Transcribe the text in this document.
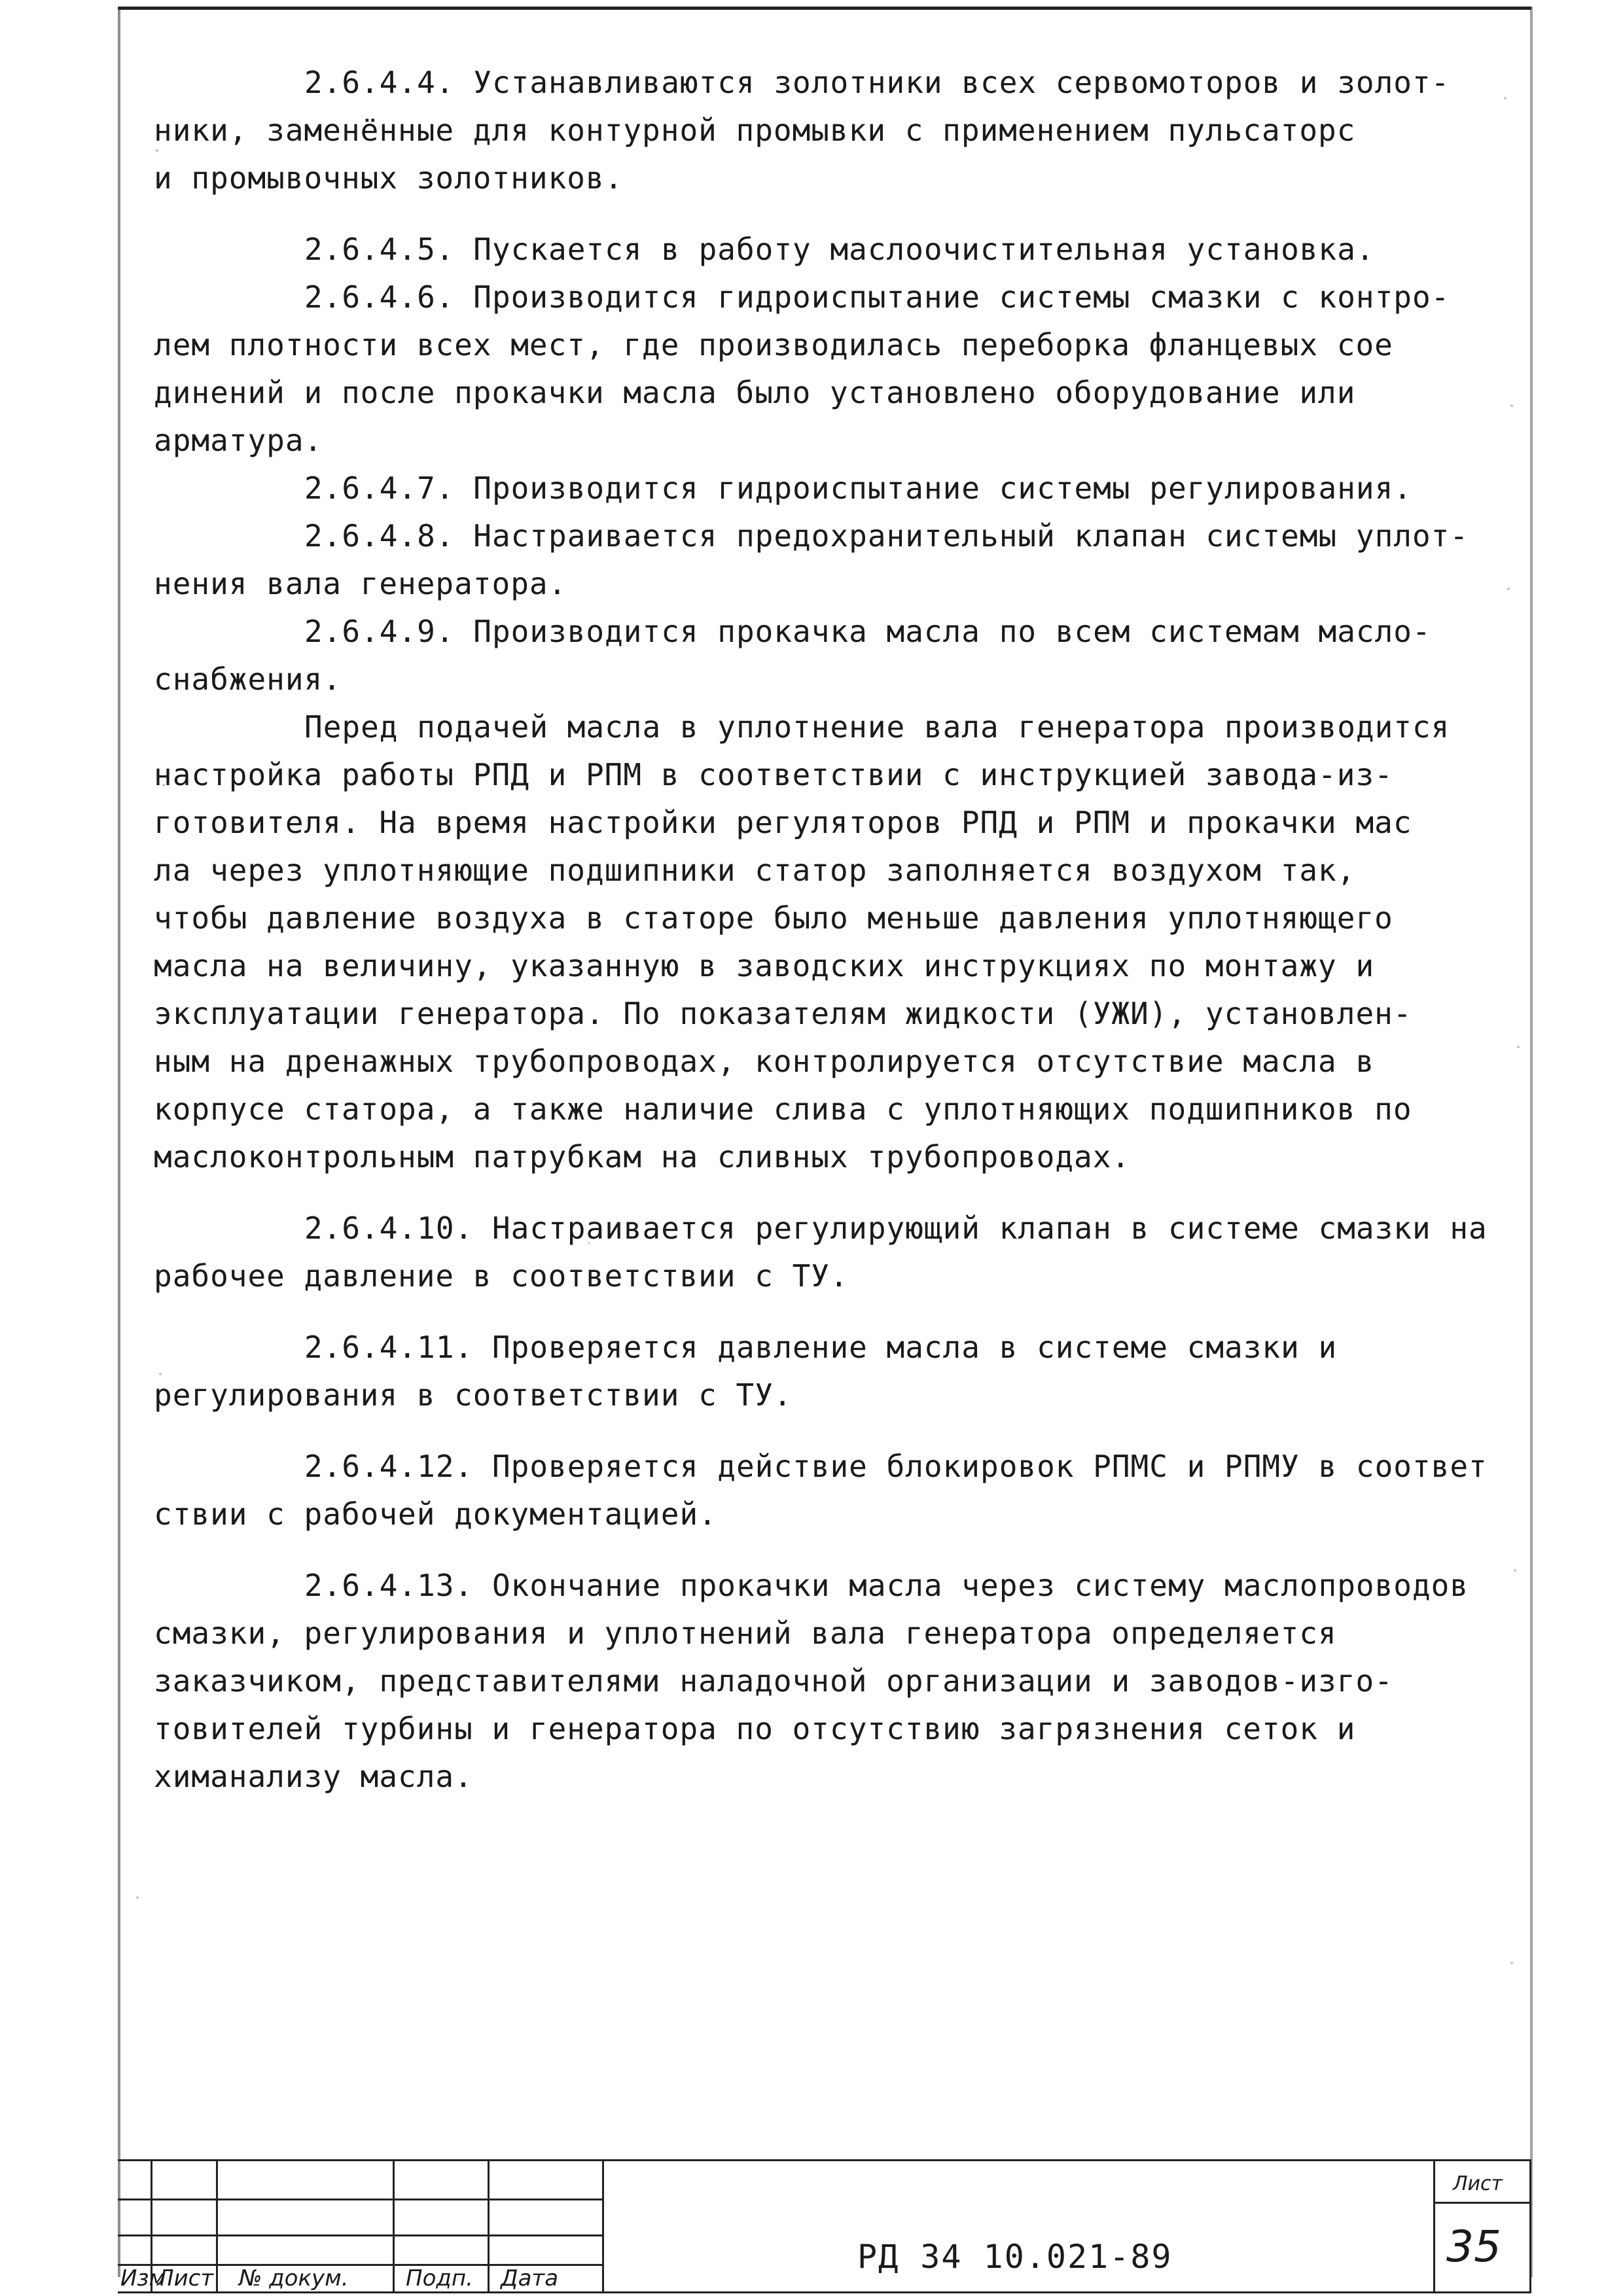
2.6.4.4. Устанавливаются золотники всех сервомоторов и золот-
ники, заменённые для контурной промывки с применением пульсаторс
и промывочных золотников.
2.6.4.5. Пускается в работу маслоочистительная установка.
2.6.4.6. Производится гидроиспытание системы смазки с контро-
лем плотности всех мест, где производилась переборка фланцевых сое
динений и после прокачки масла было установлено оборудование или
арматура.
2.6.4.7. Производится гидроиспытание системы регулирования.
2.6.4.8. Настраивается предохранительный клапан системы уплот-
нения вала генератора.
2.6.4.9. Производится прокачка масла по всем системам масло-
снабжения.
Перед подачей масла в уплотнение вала генератора производится
настройка работы РПД и РПМ в соответствии с инструкцией завода-из-
готовителя. На время настройки регуляторов РПД и РПМ и прокачки мас
ла через уплотняющие подшипники статор заполняется воздухом так,
чтобы давление воздуха в статоре было меньше давления уплотняющего
масла на величину, указанную в заводских инструкциях по монтажу и
эксплуатации генератора. По показателям жидкости (УЖИ), установлен-
ным на дренажных трубопроводах, контролируется отсутствие масла в
корпусе статора, а также наличие слива с уплотняющих подшипников по
маслоконтрольным патрубкам на сливных трубопроводах.
2.6.4.10. Настраивается регулирующий клапан в системе смазки на
рабочее давление в соответствии с ТУ.
2.6.4.11. Проверяется давление масла в системе смазки и
регулирования в соответствии с ТУ.
2.6.4.12. Проверяется действие блокировок РПМС и РПМУ в соответ
ствии с рабочей документацией.
2.6.4.13. Окончание прокачки масла через систему маслопроводов
смазки, регулирования и уплотнений вала генератора определяется
заказчиком, представителями наладочной организации и заводов-изго-
товителей турбины и генератора по отсутствию загрязнения сеток и
химанализу масла.
Изм
Лист № докум.	Подп. Дата
РД 34 10.021-89
Лист
35
